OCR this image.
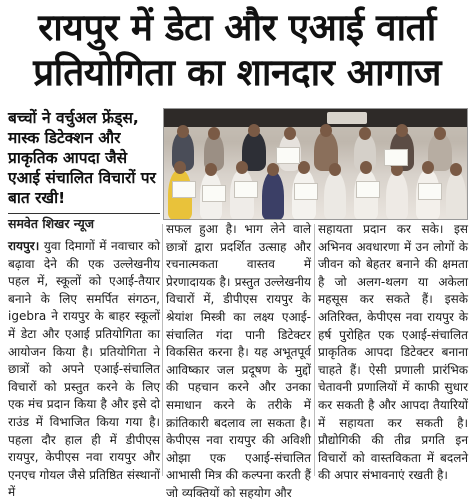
रायपुर में डेटा और एआई वार्ता
प्रतियोगिता का शानदार आगाज
बच्चों ने वर्चुअल फ्रेंड्स, मास्क डिटेक्शन और प्राकृतिक आपदा जैसे एआई संचालित विचारों पर बात रखी!
समवेत शिखर न्यूज
रायपुर। युवा दिमागों में नवाचार को बढ़ावा देने की एक उल्लेखनीय पहल में, स्कूलों को एआई-तैयार बनाने के लिए समर्पित संगठन, igebra ने रायपुर के बाहर स्कूलों में डेटा और एआई प्रतियोगिता का आयोजन किया है। प्रतियोगिता ने छात्रों को अपने एआई-संचालित विचारों को प्रस्तुत करने के लिए एक मंच प्रदान किया है और इसे दो राउंड में विभाजित किया गया है। पहला दौर हाल ही में डीपीएस रायपुर, केपीएस नवा रायपुर और एनएच गोयल जैसे प्रतिष्ठित संस्थानों में
सफल हुआ है। भाग लेने वाले छात्रों द्वारा प्रदर्शित उत्साह और रचनात्मकता वास्तव में प्रेरणादायक है। प्रस्तुत उल्लेखनीय विचारों में, डीपीएस रायपुर के श्रेयांश मिस्त्री का लक्ष्य एआई-संचालित गंदा पानी डिटेक्टर विकसित करना है। यह अभूतपूर्व आविष्कार जल प्रदूषण के मुद्दों की पहचान करने और उनका समाधान करने के तरीके में क्रांतिकारी बदलाव ला सकता है। केपीएस नवा रायपुर की अविशी ओझा एक एआई-संचालित आभासी मित्र की कल्पना करती हैं जो व्यक्तियों को सहयोग और
सहायता प्रदान कर सके। इस अभिनव अवधारणा में उन लोगों के जीवन को बेहतर बनाने की क्षमता है जो अलग-थलग या अकेला महसूस कर सकते हैं। इसके अतिरिक्त, केपीएस नवा रायपुर के हर्ष पुरोहित एक एआई-संचालित प्राकृतिक आपदा डिटेक्टर बनाना चाहते हैं। ऐसी प्रणाली प्रारंभिक चेतावनी प्रणालियों में काफी सुधार कर सकती है और आपदा तैयारियों में सहायता कर सकती है। प्रौद्योगिकी की तीव्र प्रगति इन विचारों को वास्तविकता में बदलने की अपार संभावनाएं रखती है।
